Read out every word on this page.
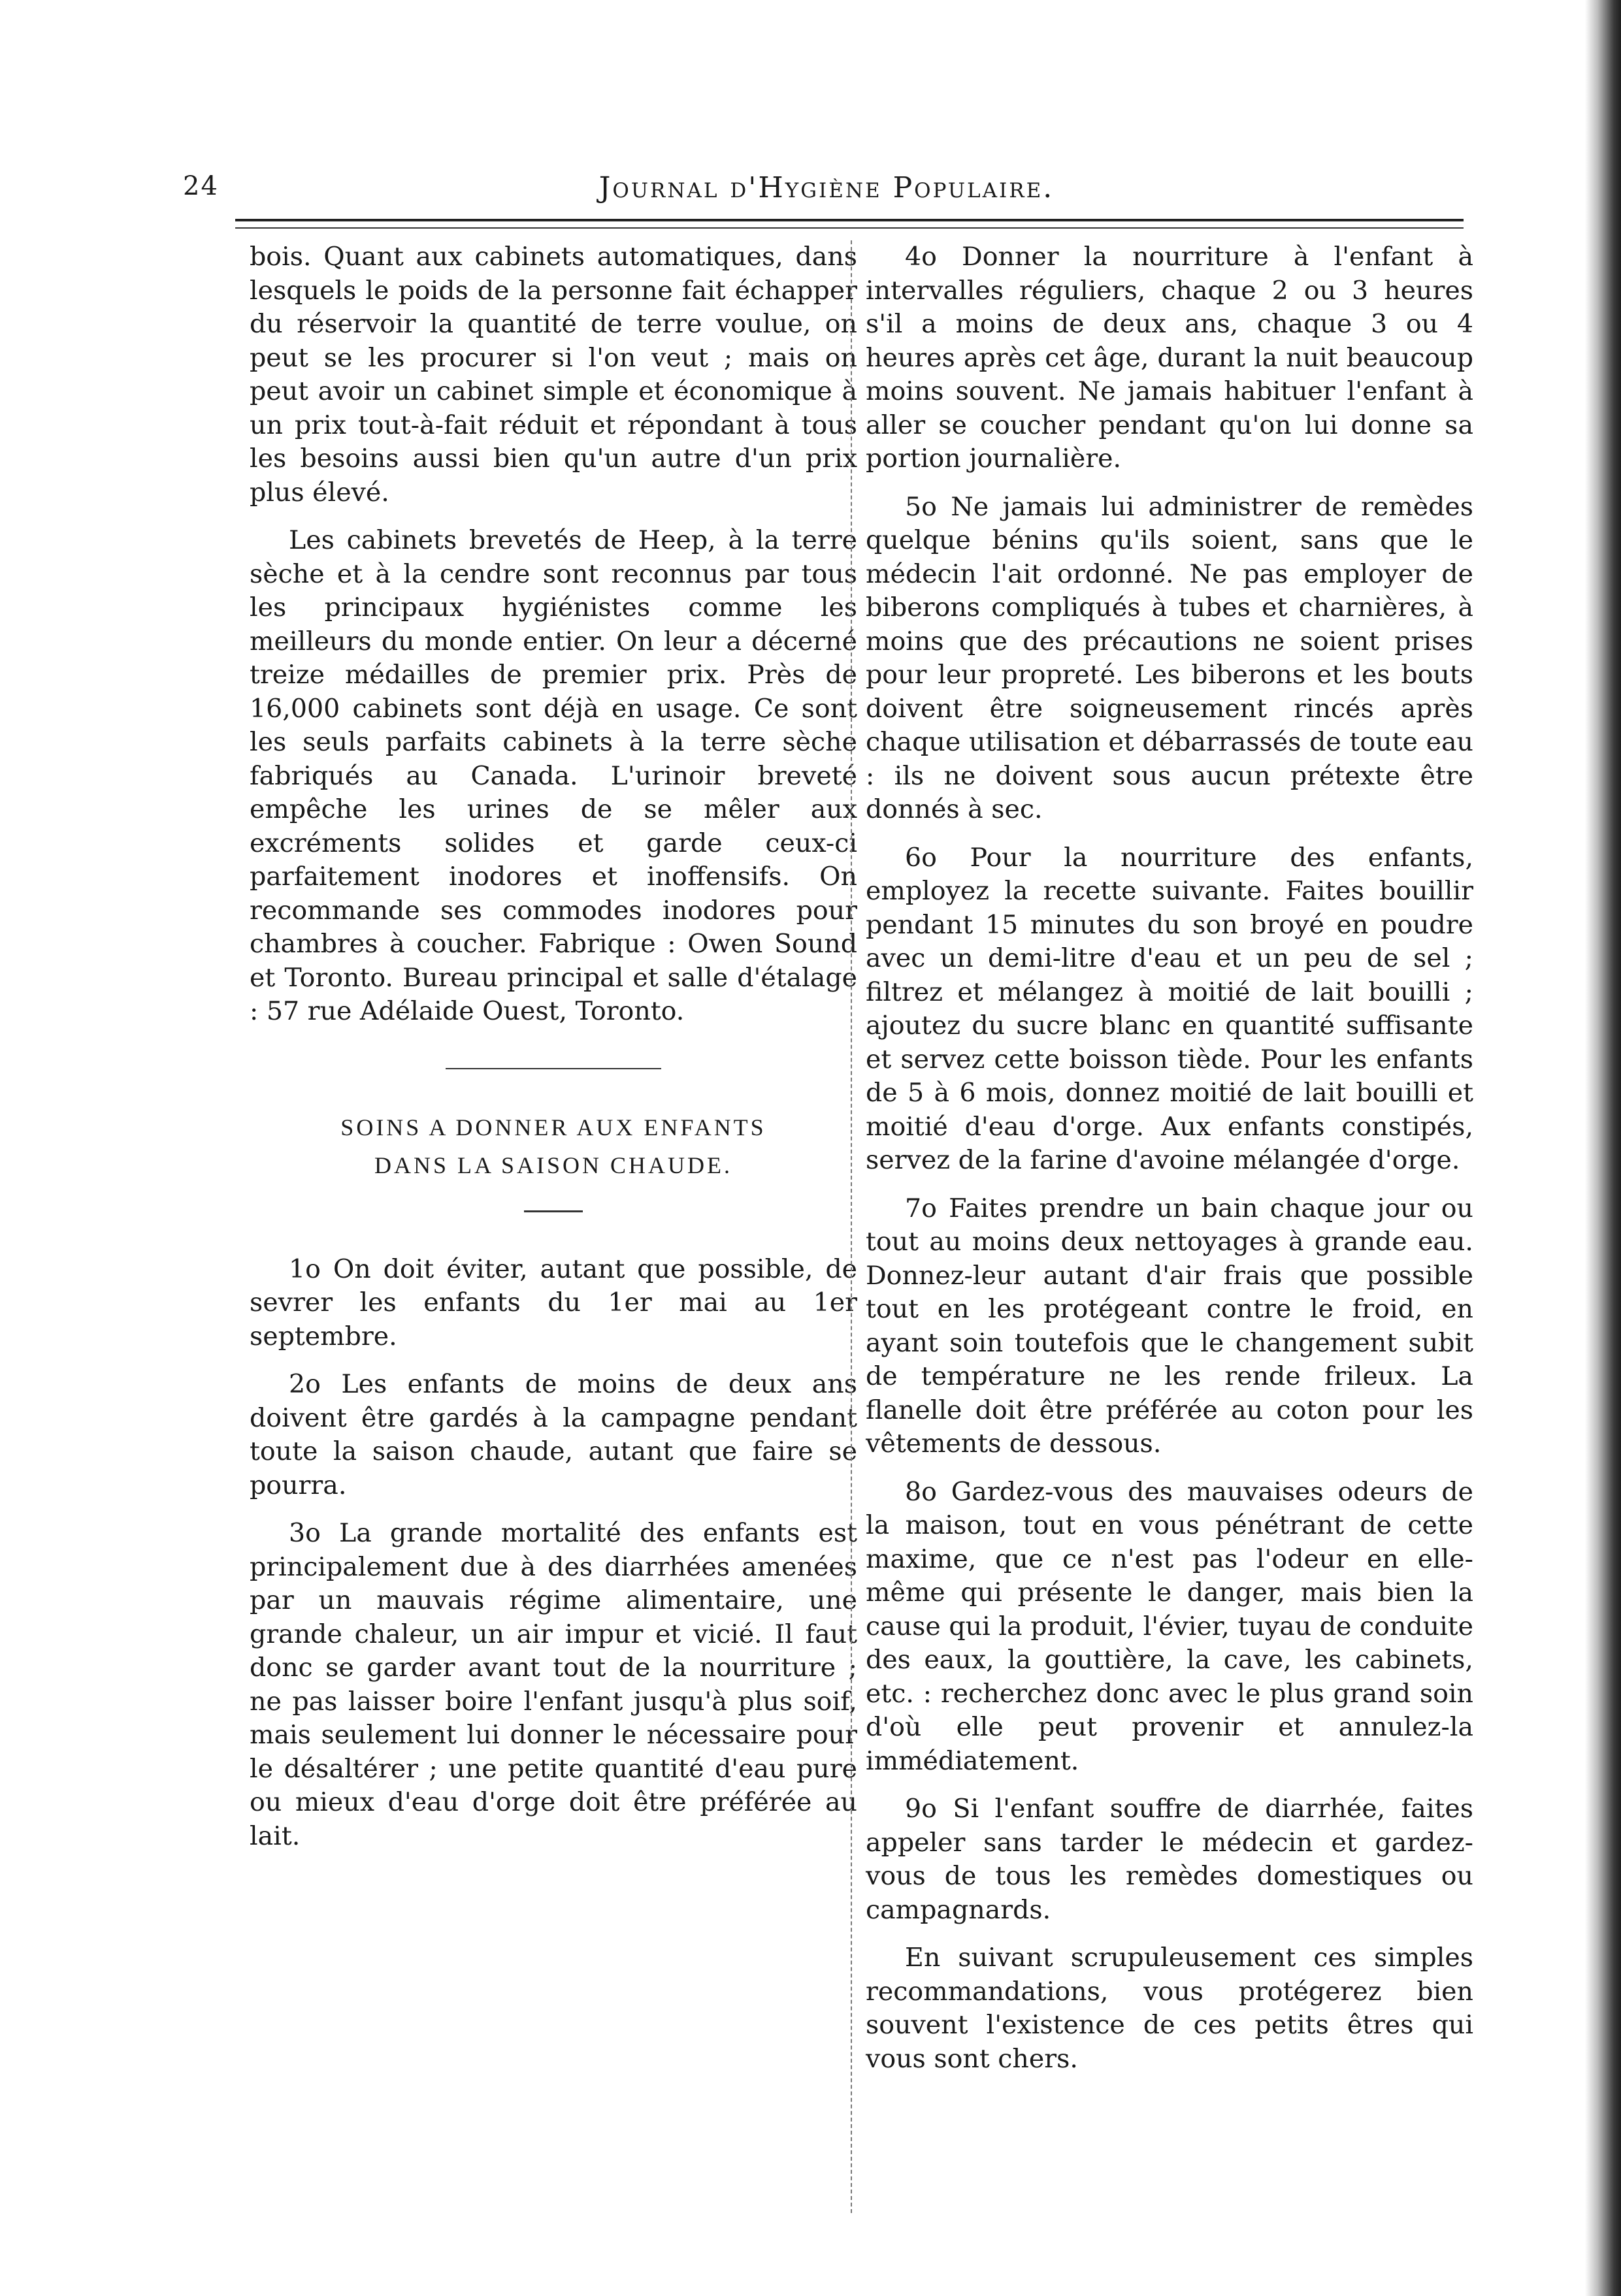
24	Journal d'Hygiène Populaire.

bois. Quant aux cabinets automatiques, dans lesquels le poids de la personne fait échapper du réservoir la quantité de terre voulue, on peut se les procurer si l'on veut ; mais on peut avoir un cabinet simple et économique à un prix tout-à-fait réduit et répondant à tous les besoins aussi bien qu'un autre d'un prix plus élevé.

Les cabinets brevetés de Heep, à la terre sèche et à la cendre sont reconnus par tous les principaux hygiénistes comme les meilleurs du monde entier. On leur a décerné treize médailles de premier prix. Près de 16,000 cabinets sont déjà en usage. Ce sont les seuls parfaits cabinets à la terre sèche fabriqués au Canada. L'urinoir breveté empêche les urines de se mêler aux excréments solides et garde ceux-ci parfaitement inodores et inoffensifs. On recommande ses commodes inodores pour chambres à coucher. Fabrique : Owen Sound et Toronto. Bureau principal et salle d'étalage : 57 rue Adélaide Ouest, Toronto.

SOINS A DONNER AUX ENFANTS
DANS LA SAISON CHAUDE.

1o On doit éviter, autant que possible, de sevrer les enfants du 1er mai au 1er septembre.

2o Les enfants de moins de deux ans doivent être gardés à la campagne pendant toute la saison chaude, autant que faire se pourra.

3o La grande mortalité des enfants est principalement due à des diarrhées amenées par un mauvais régime alimentaire, une grande chaleur, un air impur et vicié. Il faut donc se garder avant tout de la nourriture ; ne pas laisser boire l'enfant jusqu'à plus soif, mais seulement lui donner le nécessaire pour le désaltérer ; une petite quantité d'eau pure ou mieux d'eau d'orge doit être préférée au lait.

4o Donner la nourriture à l'enfant à intervalles réguliers, chaque 2 ou 3 heures s'il a moins de deux ans, chaque 3 ou 4 heures après cet âge, durant la nuit beaucoup moins souvent. Ne jamais habituer l'enfant à aller se coucher pendant qu'on lui donne sa portion journalière.

5o Ne jamais lui administrer de remèdes quelque bénins qu'ils soient, sans que le médecin l'ait ordonné. Ne pas employer de biberons compliqués à tubes et charnières, à moins que des précautions ne soient prises pour leur propreté. Les biberons et les bouts doivent être soigneusement rincés après chaque utilisation et débarrassés de toute eau : ils ne doivent sous aucun prétexte être donnés à sec.

6o Pour la nourriture des enfants, employez la recette suivante. Faites bouillir pendant 15 minutes du son broyé en poudre avec un demi-litre d'eau et un peu de sel ; filtrez et mélangez à moitié de lait bouilli ; ajoutez du sucre blanc en quantité suffisante et servez cette boisson tiède. Pour les enfants de 5 à 6 mois, donnez moitié de lait bouilli et moitié d'eau d'orge. Aux enfants constipés, servez de la farine d'avoine mélangée d'orge.

7o Faites prendre un bain chaque jour ou tout au moins deux nettoyages à grande eau. Donnez-leur autant d'air frais que possible tout en les protégeant contre le froid, en ayant soin toutefois que le changement subit de température ne les rende frileux. La flanelle doit être préférée au coton pour les vêtements de dessous.

8o Gardez-vous des mauvaises odeurs de la maison, tout en vous pénétrant de cette maxime, que ce n'est pas l'odeur en elle-même qui présente le danger, mais bien la cause qui la produit, l'évier, tuyau de conduite des eaux, la gouttière, la cave, les cabinets, etc. : recherchez donc avec le plus grand soin d'où elle peut provenir et annulez-la immédiatement.

9o Si l'enfant souffre de diarrhée, faites appeler sans tarder le médecin et gardez-vous de tous les remèdes domestiques ou campagnards.

En suivant scrupuleusement ces simples recommandations, vous protégerez bien souvent l'existence de ces petits êtres qui vous sont chers.
